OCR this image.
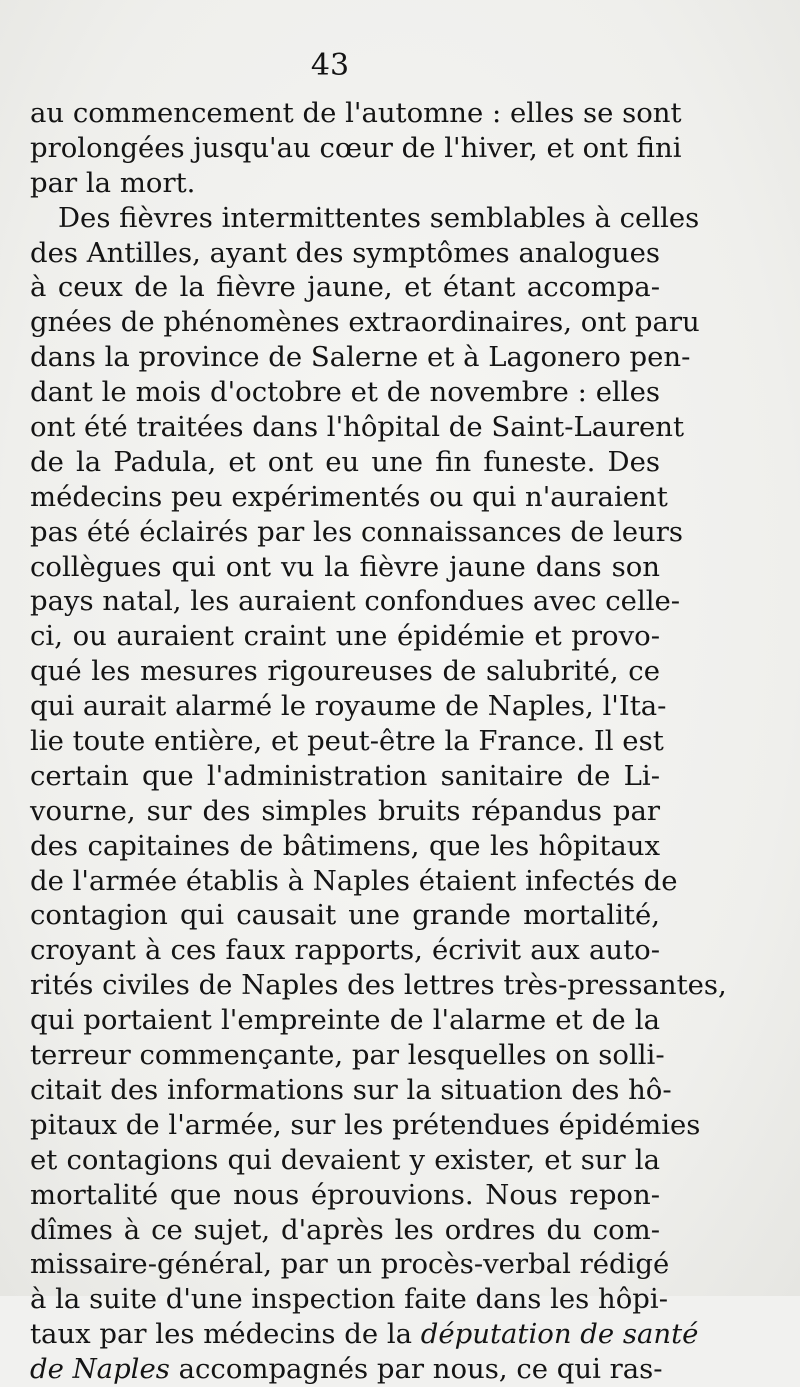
43
au commencement de l'automne : elles se sont
prolongées jusqu'au cœur de l'hiver, et ont fini
par la mort.
Des fièvres intermittentes semblables à celles
des Antilles, ayant des symptômes analogues
à ceux de la fièvre jaune, et étant accompa-
gnées de phénomènes extraordinaires, ont paru
dans la province de Salerne et à Lagonero pen-
dant le mois d'octobre et de novembre : elles
ont été traitées dans l'hôpital de Saint-Laurent
de la Padula, et ont eu une fin funeste. Des
médecins peu expérimentés ou qui n'auraient
pas été éclairés par les connaissances de leurs
collègues qui ont vu la fièvre jaune dans son
pays natal, les auraient confondues avec celle-
ci, ou auraient craint une épidémie et provo-
qué les mesures rigoureuses de salubrité, ce
qui aurait alarmé le royaume de Naples, l'Ita-
lie toute entière, et peut-être la France. Il est
certain que l'administration sanitaire de Li-
vourne, sur des simples bruits répandus par
des capitaines de bâtimens, que les hôpitaux
de l'armée établis à Naples étaient infectés de
contagion qui causait une grande mortalité,
croyant à ces faux rapports, écrivit aux auto-
rités civiles de Naples des lettres très-pressantes,
qui portaient l'empreinte de l'alarme et de la
terreur commençante, par lesquelles on solli-
citait des informations sur la situation des hô-
pitaux de l'armée, sur les prétendues épidémies
et contagions qui devaient y exister, et sur la
mortalité que nous éprouvions. Nous repon-
dîmes à ce sujet, d'après les ordres du com-
missaire-général, par un procès-verbal rédigé
à la suite d'une inspection faite dans les hôpi-
taux par les médecins de la députation de santé
de Naples accompagnés par nous, ce qui ras-
